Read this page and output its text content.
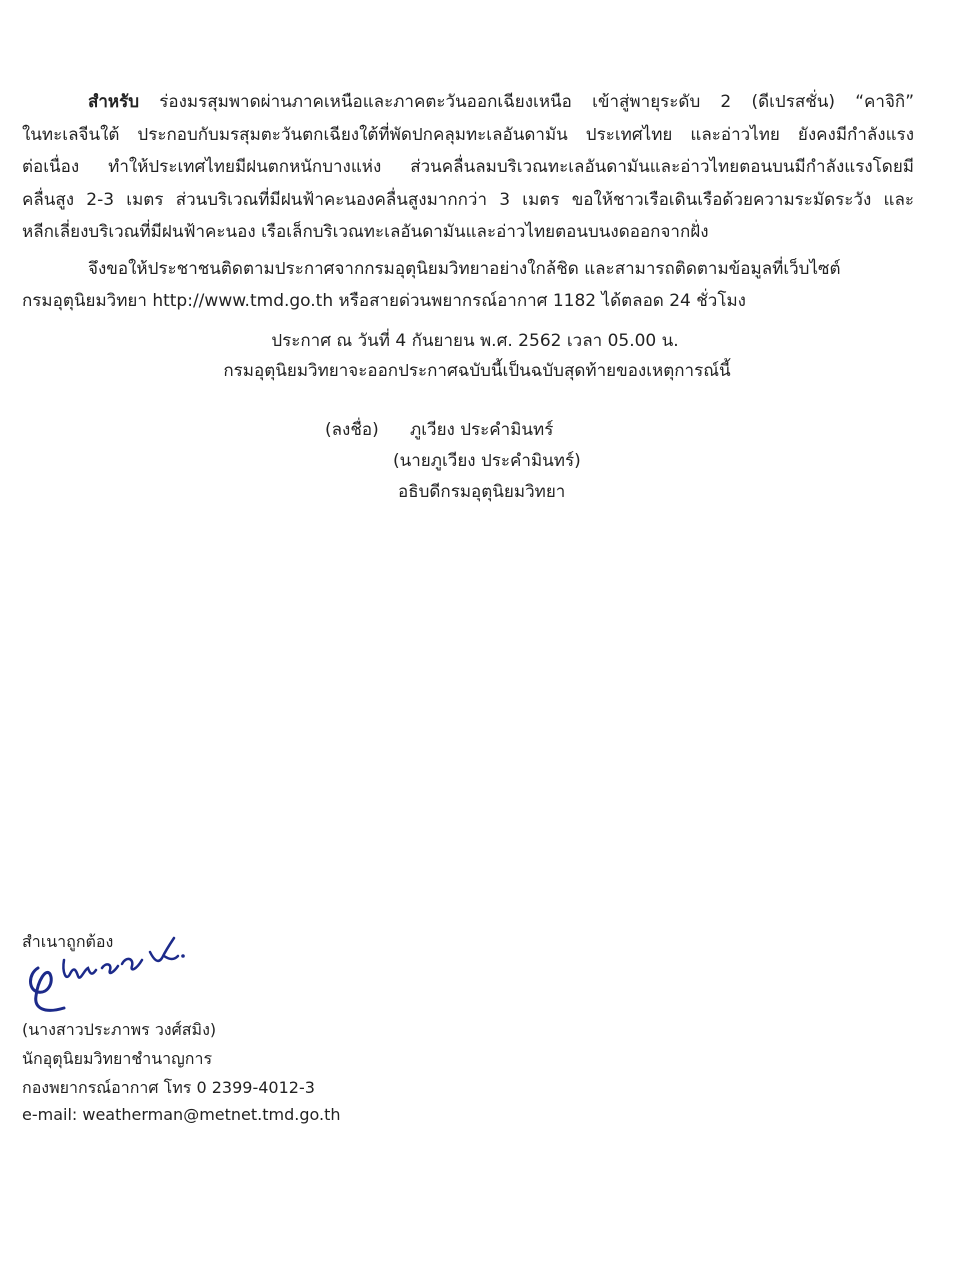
สำหรับ ร่องมรสุมพาดผ่านภาคเหนือและภาคตะวันออกเฉียงเหนือ เข้าสู่พายุระดับ 2 (ดีเปรสชั่น) “คาจิกิ”
ในทะเลจีนใต้ ประกอบกับมรสุมตะวันตกเฉียงใต้ที่พัดปกคลุมทะเลอันดามัน ประเทศไทย และอ่าวไทย ยังคงมีกำลังแรง
ต่อเนื่อง ทำให้ประเทศไทยมีฝนตกหนักบางแห่ง ส่วนคลื่นลมบริเวณทะเลอันดามันและอ่าวไทยตอนบนมีกำลังแรงโดยมี
คลื่นสูง 2-3 เมตร ส่วนบริเวณที่มีฝนฟ้าคะนองคลื่นสูงมากกว่า 3 เมตร ขอให้ชาวเรือเดินเรือด้วยความระมัดระวัง และ
หลีกเลี่ยงบริเวณที่มีฝนฟ้าคะนอง เรือเล็กบริเวณทะเลอันดามันและอ่าวไทยตอนบนงดออกจากฝั่ง
จึงขอให้ประชาชนติดตามประกาศจากกรมอุตุนิยมวิทยาอย่างใกล้ชิด และสามารถติดตามข้อมูลที่เว็บไซต์
กรมอุตุนิยมวิทยา http://www.tmd.go.th หรือสายด่วนพยากรณ์อากาศ 1182 ได้ตลอด 24 ชั่วโมง
ประกาศ ณ วันที่ 4 กันยายน พ.ศ. 2562 เวลา 05.00 น.
กรมอุตุนิยมวิทยาจะออกประกาศฉบับนี้เป็นฉบับสุดท้ายของเหตุการณ์นี้
(ลงชื่อ) ภูเวียง ประคำมินทร์
(นายภูเวียง ประคำมินทร์)
อธิบดีกรมอุตุนิยมวิทยา
สำเนาถูกต้อง
(นางสาวประภาพร วงศ์สมิง)
นักอุตุนิยมวิทยาชำนาญการ
กองพยากรณ์อากาศ โทร 0 2399-4012-3
e-mail: weatherman@metnet.tmd.go.th
